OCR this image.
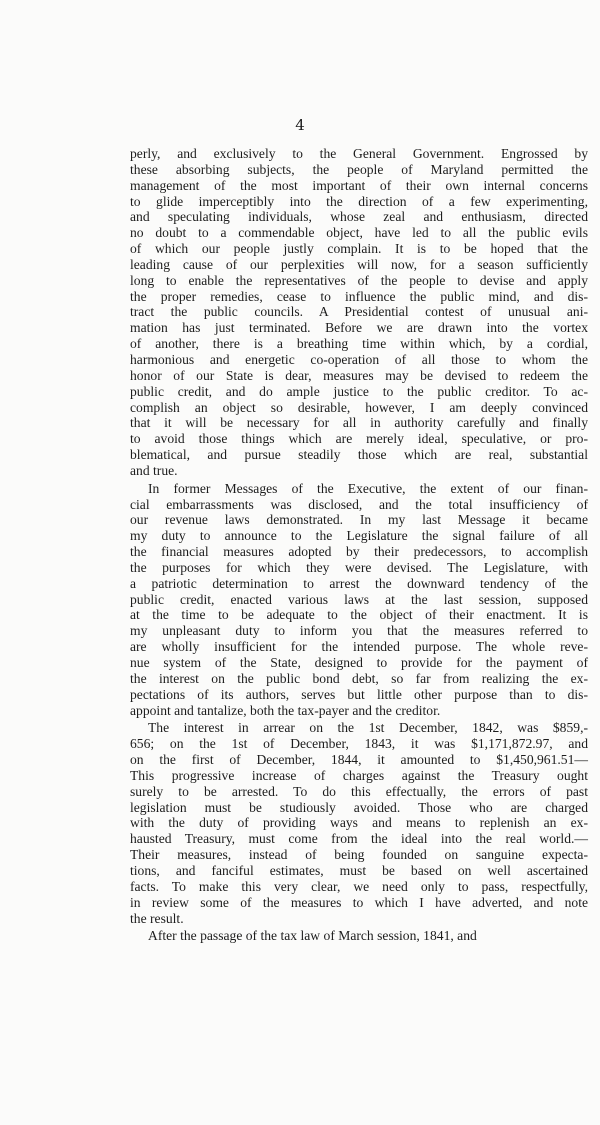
4
perly, and exclusively to the General Government. Engrossed by
these absorbing subjects, the people of Maryland permitted the
management of the most important of their own internal concerns
to glide imperceptibly into the direction of a few experimenting,
and speculating individuals, whose zeal and enthusiasm, directed
no doubt to a commendable object, have led to all the public evils
of which our people justly complain. It is to be hoped that the
leading cause of our perplexities will now, for a season sufficiently
long to enable the representatives of the people to devise and apply
the proper remedies, cease to influence the public mind, and dis-
tract the public councils. A Presidential contest of unusual ani-
mation has just terminated. Before we are drawn into the vortex
of another, there is a breathing time within which, by a cordial,
harmonious and energetic co-operation of all those to whom the
honor of our State is dear, measures may be devised to redeem the
public credit, and do ample justice to the public creditor. To ac-
complish an object so desirable, however, I am deeply convinced
that it will be necessary for all in authority carefully and finally
to avoid those things which are merely ideal, speculative, or pro-
blematical, and pursue steadily those which are real, substantial
and true.
In former Messages of the Executive, the extent of our finan-
cial embarrassments was disclosed, and the total insufficiency of
our revenue laws demonstrated. In my last Message it became
my duty to announce to the Legislature the signal failure of all
the financial measures adopted by their predecessors, to accomplish
the purposes for which they were devised. The Legislature, with
a patriotic determination to arrest the downward tendency of the
public credit, enacted various laws at the last session, supposed
at the time to be adequate to the object of their enactment. It is
my unpleasant duty to inform you that the measures referred to
are wholly insufficient for the intended purpose. The whole reve-
nue system of the State, designed to provide for the payment of
the interest on the public bond debt, so far from realizing the ex-
pectations of its authors, serves but little other purpose than to dis-
appoint and tantalize, both the tax-payer and the creditor.
The interest in arrear on the 1st December, 1842, was $859,-
656; on the 1st of December, 1843, it was $1,171,872.97, and
on the first of December, 1844, it amounted to $1,450,961.51—
This progressive increase of charges against the Treasury ought
surely to be arrested. To do this effectually, the errors of past
legislation must be studiously avoided. Those who are charged
with the duty of providing ways and means to replenish an ex-
hausted Treasury, must come from the ideal into the real world.—
Their measures, instead of being founded on sanguine expecta-
tions, and fanciful estimates, must be based on well ascertained
facts. To make this very clear, we need only to pass, respectfully,
in review some of the measures to which I have adverted, and note
the result.
After the passage of the tax law of March session, 1841, and
